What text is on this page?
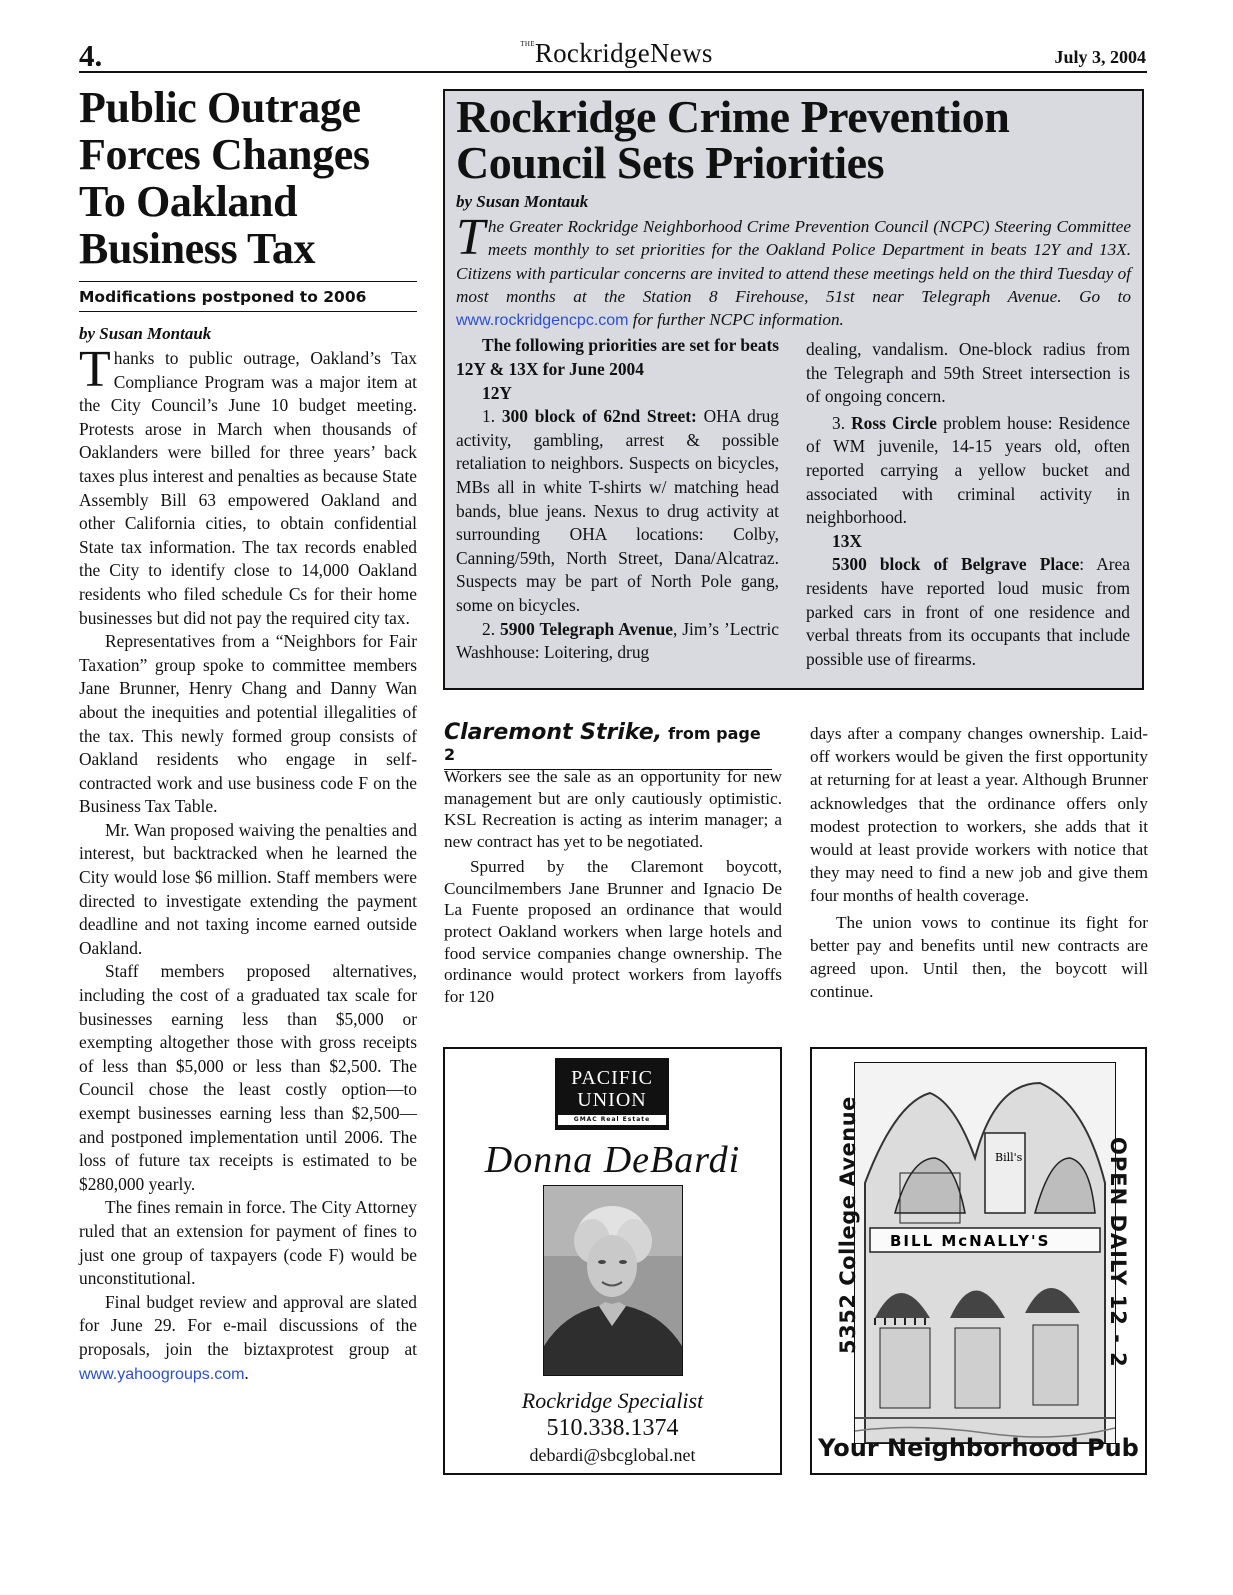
4.	$^{THE}$RockridgeNews	July 3, 2004
Public Outrage Forces Changes To Oakland Business Tax
Modifications postponed to 2006
by Susan Montauk

Thanks to public outrage, Oakland’s Tax Compliance Program was a major item at the City Council’s June 10 budget meeting. Protests arose in March when thousands of Oaklanders were billed for three years’ back taxes plus interest and penalties as because State Assembly Bill 63 empowered Oakland and other California cities, to obtain confidential State tax information. The tax records enabled the City to identify close to 14,000 Oakland residents who filed schedule Cs for their home businesses but did not pay the required city tax.

Representatives from a “Neighbors for Fair Taxation” group spoke to committee members Jane Brunner, Henry Chang and Danny Wan about the inequities and potential illegalities of the tax. This newly formed group consists of Oakland residents who engage in self-contracted work and use business code F on the Business Tax Table.

Mr. Wan proposed waiving the penalties and interest, but backtracked when he learned the City would lose $6 million. Staff members were directed to investigate extending the payment deadline and not taxing income earned outside Oakland.

Staff members proposed alternatives, including the cost of a graduated tax scale for businesses earning less than $5,000 or exempting altogether those with gross receipts of less than $5,000 or less than $2,500. The Council chose the least costly option—to exempt businesses earning less than $2,500—and postponed implementation until 2006. The loss of future tax receipts is estimated to be $280,000 yearly.

The fines remain in force. The City Attorney ruled that an extension for payment of fines to just one group of taxpayers (code F) would be unconstitutional.

Final budget review and approval are slated for June 29. For e-mail discussions of the proposals, join the biztaxprotest group at www.yahoogroups.com.

Rockridge Crime Prevention Council Sets Priorities
by Susan Montauk

The Greater Rockridge Neighborhood Crime Prevention Council (NCPC) Steering Committee meets monthly to set priorities for the Oakland Police Department in beats 12Y and 13X. Citizens with particular concerns are invited to attend these meetings held on the third Tuesday of most months at the Station 8 Firehouse, 51st near Telegraph Avenue. Go to www.rockridgencpc.com for further NCPC information.

The following priorities are set for beats 12Y & 13X for June 2004

12Y

1. 300 block of 62nd Street: OHA drug activity, gambling, arrest & possible retaliation to neighbors. Suspects on bicycles, MBs all in white T-shirts w/ matching head bands, blue jeans. Nexus to drug activity at surrounding OHA locations: Colby, Canning/59th, North Street, Dana/Alcatraz. Suspects may be part of North Pole gang, some on bicycles.

2. 5900 Telegraph Avenue, Jim’s ’Lectric Washhouse: Loitering, drug

dealing, vandalism. One-block radius from the Telegraph and 59th Street intersection is of ongoing concern.

3. Ross Circle problem house: Residence of WM juvenile, 14-15 years old, often reported carrying a yellow bucket and associated with criminal activity in neighborhood.

13X

5300 block of Belgrave Place: Area residents have reported loud music from parked cars in front of one residence and verbal threats from its occupants that include possible use of firearms.

Claremont Strike, from page 2

Workers see the sale as an opportunity for new management but are only cautiously optimistic. KSL Recreation is acting as interim manager; a new contract has yet to be negotiated.

Spurred by the Claremont boycott, Councilmembers Jane Brunner and Ignacio De La Fuente proposed an ordinance that would protect Oakland workers when large hotels and food service companies change ownership. The ordinance would protect workers from layoffs for 120

days after a company changes ownership. Laid-off workers would be given the first opportunity at returning for at least a year. Although Brunner acknowledges that the ordinance offers only modest protection to workers, she adds that it would at least provide workers with notice that they may need to find a new job and give them four months of health coverage.

The union vows to continue its fight for better pay and benefits until new contracts are agreed upon. Until then, the boycott will continue.

PACIFIC
UNION
GMAC Real Estate
Donna DeBardi
Rockridge Specialist
510.338.1374
debardi@sbcglobal.net
Bill's
BILL McNALLY'S
5352 College Avenue	OPEN DAILY 12 - 2
Your Neighborhood Pub
